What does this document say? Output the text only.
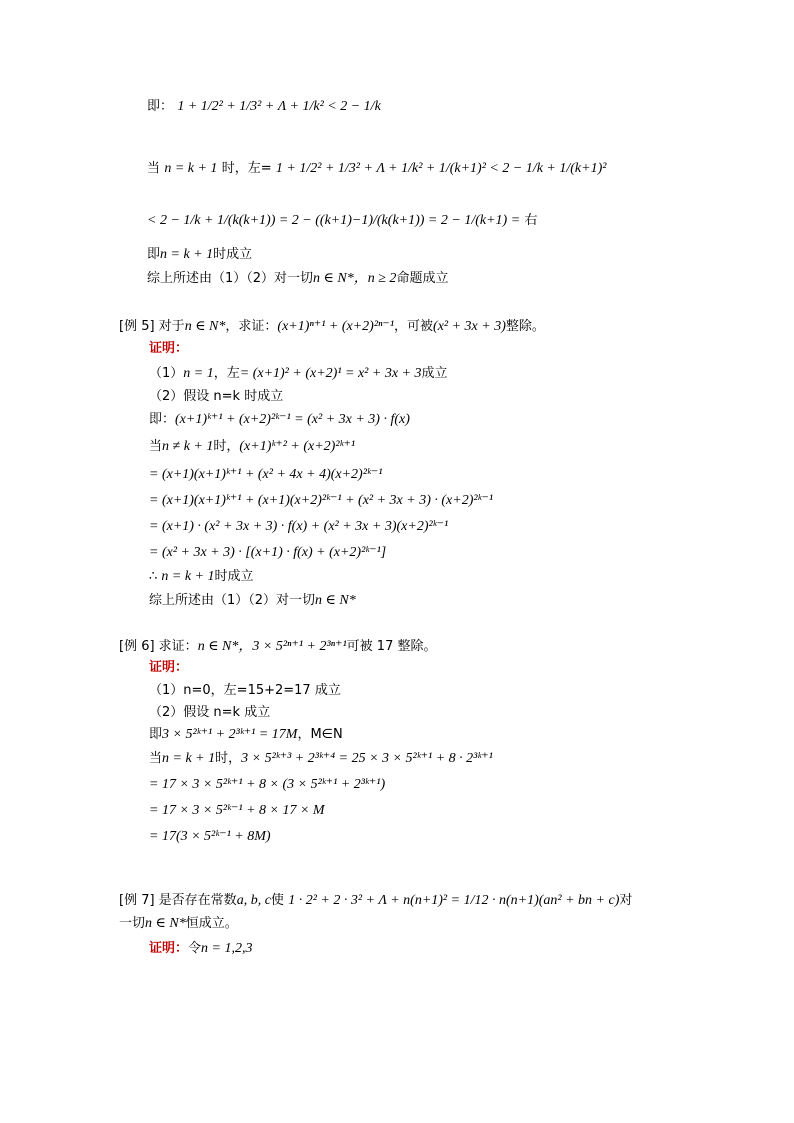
即： 1 + 1/2² + 1/3² + Λ + 1/k² < 2 − 1/k
当 n = k + 1 时，左= 1 + 1/2² + 1/3² + Λ + 1/k² + 1/(k+1)² < 2 − 1/k + 1/(k+1)²
< 2 − 1/k + 1/(k(k+1)) = 2 − ((k+1)−1)/(k(k+1)) = 2 − 1/(k+1) = 右
即n = k + 1时成立
综上所述由（1）（2）对一切n ∈ N*，n ≥ 2命题成立
[例 5] 对于n ∈ N*，求证：(x+1)ⁿ⁺¹ + (x+2)²ⁿ⁻¹，可被(x² + 3x + 3)整除。
证明：
（1）n = 1，左= (x+1)² + (x+2)¹ = x² + 3x + 3成立
（2）假设 n=k 时成立
即：(x+1)ᵏ⁺¹ + (x+2)²ᵏ⁻¹ = (x² + 3x + 3) · f(x)
当n ≠ k + 1时，(x+1)ᵏ⁺² + (x+2)²ᵏ⁺¹
= (x+1)(x+1)ᵏ⁺¹ + (x² + 4x + 4)(x+2)²ᵏ⁻¹
= (x+1)(x+1)ᵏ⁺¹ + (x+1)(x+2)²ᵏ⁻¹ + (x² + 3x + 3) · (x+2)²ᵏ⁻¹
= (x+1) · (x² + 3x + 3) · f(x) + (x² + 3x + 3)(x+2)²ᵏ⁻¹
= (x² + 3x + 3) · [(x+1) · f(x) + (x+2)²ᵏ⁻¹]
∴ n = k + 1时成立
综上所述由（1）（2）对一切n ∈ N*
[例 6] 求证：n ∈ N*，3 × 5²ⁿ⁺¹ + 2³ⁿ⁺¹可被 17 整除。
证明：
（1）n=0，左=15+2=17 成立
（2）假设 n=k 成立
即3 × 5²ᵏ⁺¹ + 2³ᵏ⁺¹ = 17M，M∈N
当n = k + 1时，3 × 5²ᵏ⁺³ + 2³ᵏ⁺⁴ = 25 × 3 × 5²ᵏ⁺¹ + 8 · 2³ᵏ⁺¹
= 17 × 3 × 5²ᵏ⁺¹ + 8 × (3 × 5²ᵏ⁺¹ + 2³ᵏ⁺¹)
= 17 × 3 × 5²ᵏ⁻¹ + 8 × 17 × M
= 17(3 × 5²ᵏ⁻¹ + 8M)
[例 7] 是否存在常数a, b, c使 1 · 2² + 2 · 3² + Λ + n(n+1)² = 1/12 · n(n+1)(an² + bn + c)对
一切n ∈ N*恒成立。
证明：令n = 1,2,3
